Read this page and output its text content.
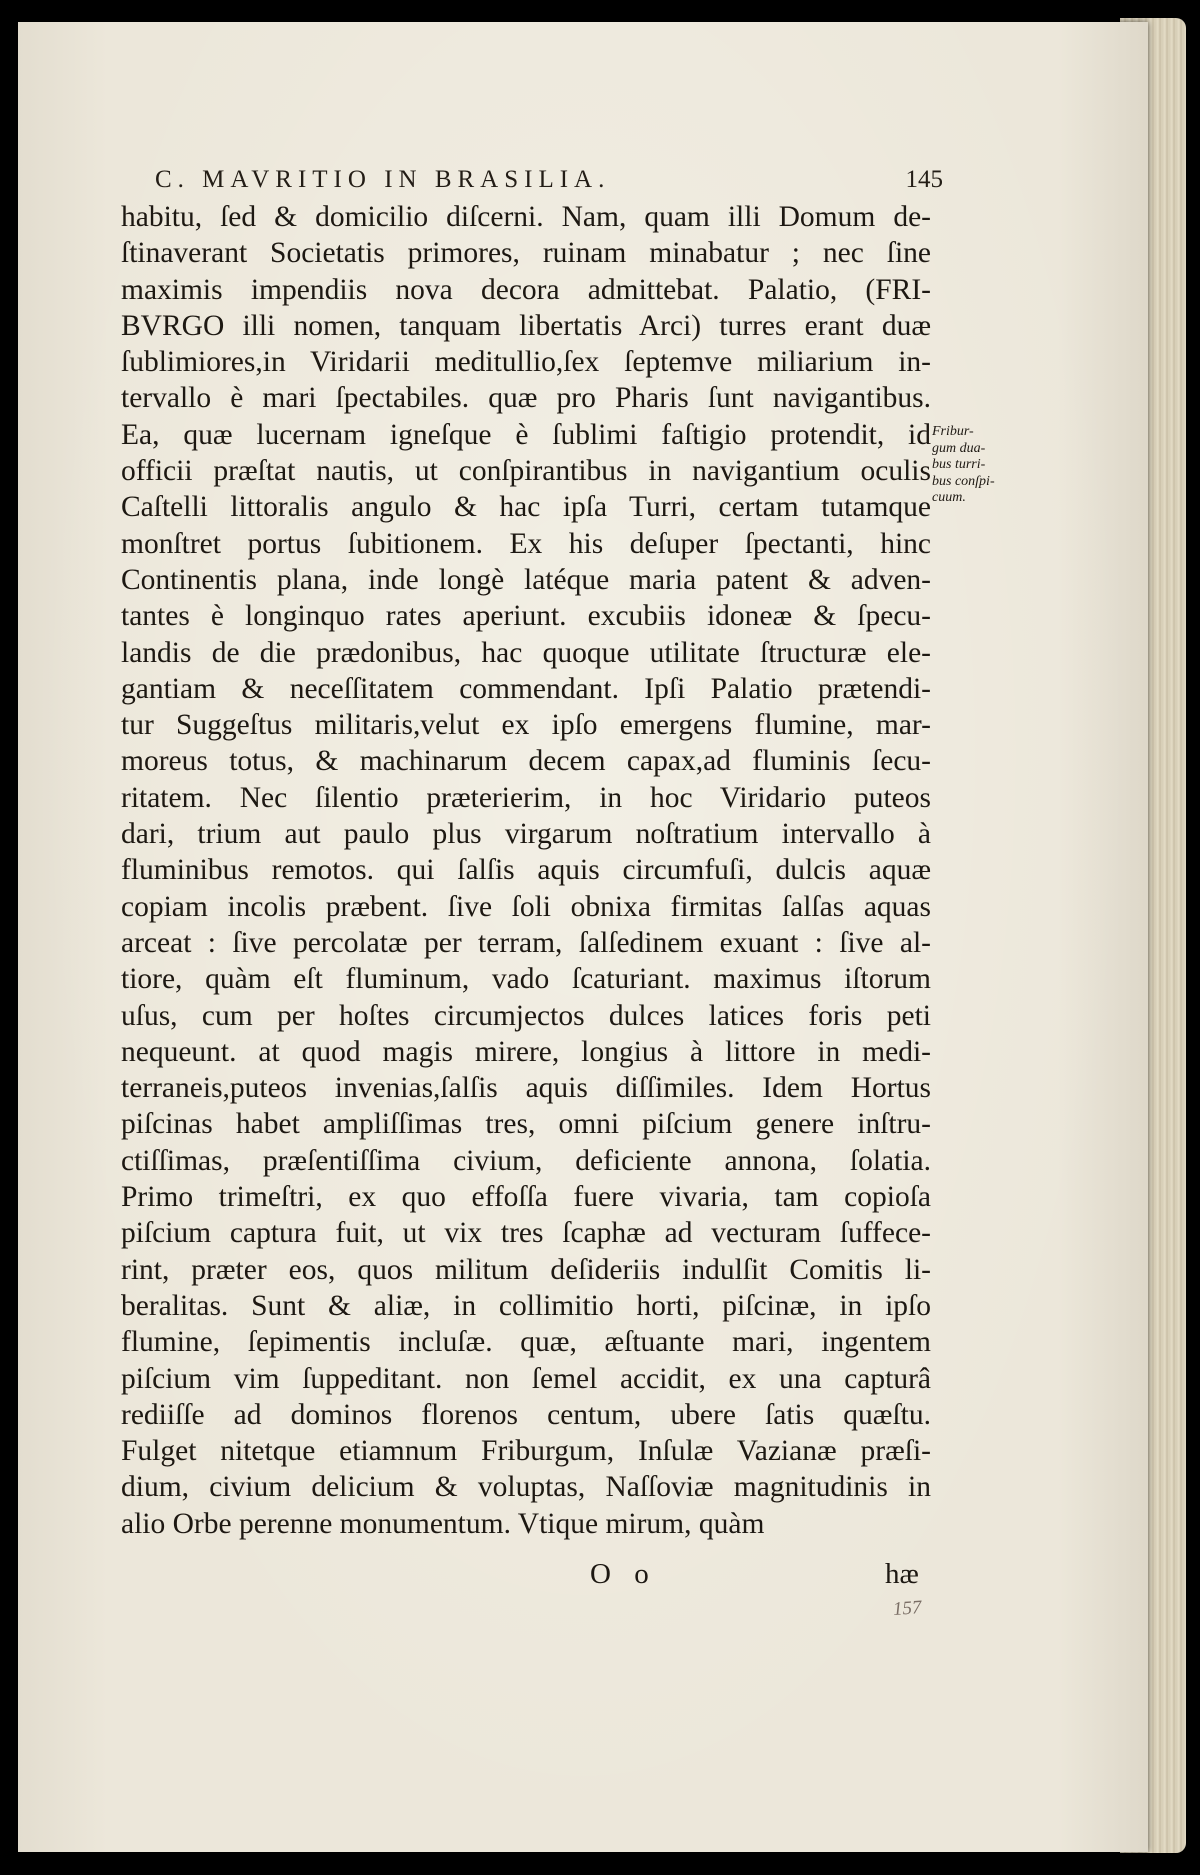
C. MAVRITIO IN BRASILIA.	145
habitu, ſed & domicilio diſcerni. Nam, quam illi Domum de-
ſtinaverant Societatis primores, ruinam minabatur ; nec ſine
maximis impendiis nova decora admittebat. Palatio, (FRI-
BVRGO illi nomen, tanquam libertatis Arci) turres erant duæ
ſublimiores,in Viridarii meditullio,ſex ſeptemve miliarium in-
tervallo è mari ſpectabiles. quæ pro Pharis ſunt navigantibus.
Ea, quæ lucernam igneſque è ſublimi faſtigio protendit, id
officii præſtat nautis, ut conſpirantibus in navigantium oculis
Caſtelli littoralis angulo & hac ipſa Turri, certam tutamque
monſtret portus ſubitionem. Ex his deſuper ſpectanti, hinc
Continentis plana, inde longè latéque maria patent & adven-
tantes è longinquo rates aperiunt. excubiis idoneæ & ſpecu-
landis de die prædonibus, hac quoque utilitate ſtructuræ ele-
gantiam & neceſſitatem commendant. Ipſi Palatio prætendi-
tur Suggeſtus militaris,velut ex ipſo emergens flumine, mar-
moreus totus, & machinarum decem capax,ad fluminis ſecu-
ritatem. Nec ſilentio præterierim, in hoc Viridario puteos
dari, trium aut paulo plus virgarum noſtratium intervallo à
fluminibus remotos. qui ſalſis aquis circumfuſi, dulcis aquæ
copiam incolis præbent. ſive ſoli obnixa firmitas ſalſas aquas
arceat : ſive percolatæ per terram, ſalſedinem exuant : ſive al-
tiore, quàm eſt fluminum, vado ſcaturiant. maximus iſtorum
uſus, cum per hoſtes circumjectos dulces latices foris peti
nequeunt. at quod magis mirere, longius à littore in medi-
terraneis,puteos invenias,ſalſis aquis diſſimiles. Idem Hortus
piſcinas habet ampliſſimas tres, omni piſcium genere inſtru-
ctiſſimas, præſentiſſima civium, deficiente annona, ſolatia.
Primo trimeſtri, ex quo effoſſa fuere vivaria, tam copioſa
piſcium captura fuit, ut vix tres ſcaphæ ad vecturam ſuffece-
rint, præter eos, quos militum deſideriis indulſit Comitis li-
beralitas. Sunt & aliæ, in collimitio horti, piſcinæ, in ipſo
flumine, ſepimentis incluſæ. quæ, æſtuante mari, ingentem
piſcium vim ſuppeditant. non ſemel accidit, ex una capturâ
rediiſſe ad dominos florenos centum, ubere ſatis quæſtu.
Fulget nitetque etiamnum Friburgum, Inſulæ Vazianæ præſi-
dium, civium delicium & voluptas, Naſſoviæ magnitudinis in
alio Orbe perenne monumentum. Vtique mirum, quàm
Fribur-
gum dua-
bus turri-
bus conſpi-
cuum.
O o	hæ
157
